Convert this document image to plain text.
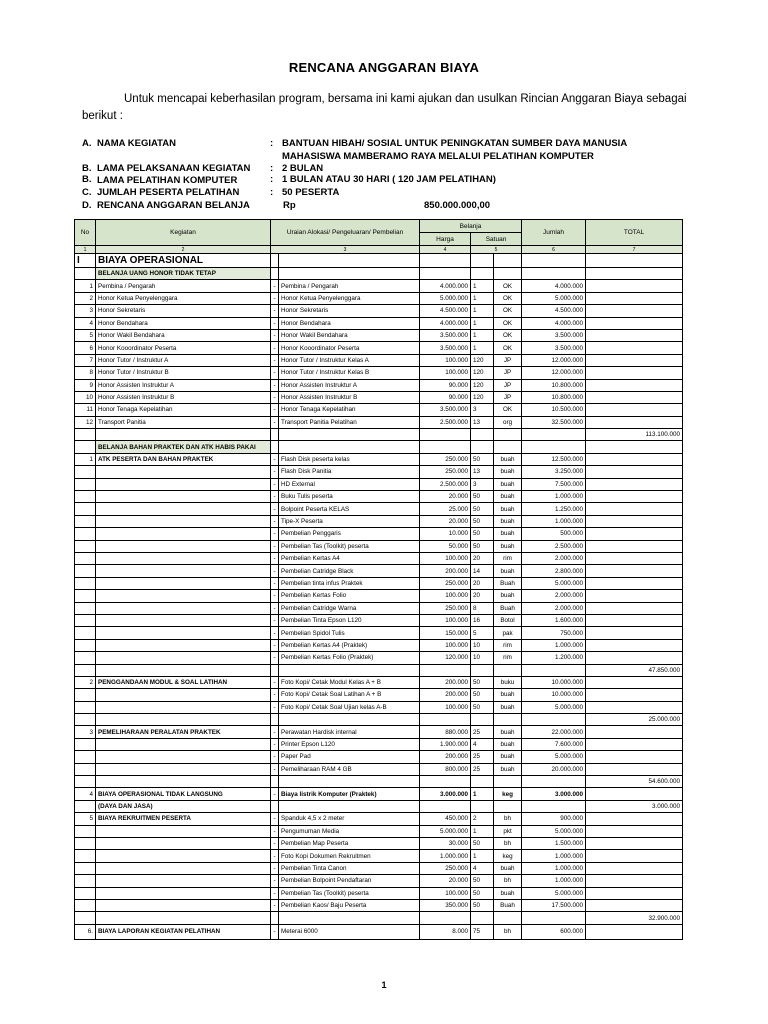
RENCANA ANGGARAN BIAYA
Untuk mencapai keberhasilan program, bersama ini kami ajukan dan usulkan Rincian Anggaran Biaya sebagai
berikut :
A. NAMA KEGIATAN	: BANTUAN HIBAH/ SOSIAL UNTUK PENINGKATAN SUMBER DAYA MANUSIA
MAHASISWA MAMBERAMO RAYA MELALUI PELATIHAN KOMPUTER
B. LAMA PELAKSANAAN KEGIATAN : 2 BULAN
B. LAMA PELATIHAN KOMPUTER	: 1 BULAN ATAU 30 HARI ( 120 JAM PELATIHAN)
C. JUMLAH PESERTA PELATIHAN	: 50 PESERTA
D. RENCANA ANGGARAN BELANJA	Rp	850.000.000,00
No	Kegiatan	Uraian Alokasi/ Pengeluaran/ Pembelian		Belanja			Jumlah	TOTAL
				Harga	Satuan			
1	2	3		4	5		6	7
I	BIAYA OPERASIONAL							
	BELANJA UANG HONOR TIDAK TETAP							
1	Pembina / Pengarah	-	Pembina / Pengarah	4.000.000	1	OK	4.000.000	
2	Honor Ketua Penyelenggara	-	Honor Ketua Penyelenggara	5.000.000	1	OK	5.000.000	
3	Honor Sekretaris	-	Honor Sekretaris	4.500.000	1	OK	4.500.000	
4	Honor Bendahara	-	Honor Bendahara	4.000.000	1	OK	4.000.000	
5	Honor Wakil Bendahara	-	Honor Wakil Bendahara	3.500.000	1	OK	3.500.000	
6	Honor Kooordinator Peserta	-	Honor Kooordinator Peserta	3.500.000	1	OK	3.500.000	
7	Honor Tutor / Instruktur A	-	Honor Tutor / Instruktur Kelas A	100.000	120	JP	12.000.000	
8	Honor Tutor / Instruktur B	-	Honor Tutor / Instruktur Kelas B	100.000	120	JP	12.000.000	
9	Honor Assisten Instruktur A	-	Honor Assisten Instruktur A	90.000	120	JP	10.800.000	
10	Honor Assisten Instruktur B	-	Honor Assisten Instruktur B	90.000	120	JP	10.800.000	
11	Honor Tenaga Kepelatihan	-	Honor Tenaga Kepelatihan	3.500.000	3	OK	10.500.000	
12	Transport Panitia	-	Transport Panitia Pelatihan	2.500.000	13	org	32.500.000	
								113.100.000
	BELANJA BAHAN PRAKTEK DAN ATK HABIS PAKAI							
1	ATK PESERTA DAN BAHAN PRAKTEK	-	Flash Disk peserta kelas	250.000	50	buah	12.500.000	
		-	Flash Disk Panitia	250.000	13	buah	3.250.000	
		-	HD External	2.500.000	3	buah	7.500.000	
		-	Buku Tulis peserta	20.000	50	buah	1.000.000	
		-	Bolpoint Peserta KELAS	25.000	50	buah	1.250.000	
		-	Tipe-X Peserta	20.000	50	buah	1.000.000	
		-	Pembelian Penggaris	10.000	50	buah	500.000	
		-	Pembelian Tas (Toolkit) peserta	50.000	50	buah	2.500.000	
		-	Pembelian Kertas A4	100.000	20	rim	2.000.000	
		-	Pembelian Catridge Black	200.000	14	buah	2.800.000	
		-	Pembelian tinta infus Praktek	250.000	20	Buah	5.000.000	
		-	Pembelian Kertas Folio	100.000	20	buah	2.000.000	
		-	Pembelian Catridge Warna	250.000	8	Buah	2.000.000	
		-	Pembelian Tinta Epson L120	100.000	16	Botol	1.600.000	
		-	Pembelian Spidol Tulis	150.000	5	pak	750.000	
		-	Pembelian Kertas A4 (Praktek)	100.000	10	rim	1.000.000	
		-	Pembelian Kertas Folio (Praktek)	120.000	10	rim	1.200.000	
								47.850.000
2	PENGGANDAAN MODUL & SOAL LATIHAN	-	Foto Kopi/ Cetak Modul Kelas A + B	200.000	50	buku	10.000.000	
		-	Foto Kopi/ Cetak Soal Latihan A + B	200.000	50	buah	10.000.000	
		-	Foto Kopi/ Cetak Soal Ujian kelas A-B	100.000	50	buah	5.000.000	
								25.000.000
3	PEMELIHARAAN PERALATAN PRAKTEK	-	Perawatan Hardisk internal	880.000	25	buah	22.000.000	
		-	Printer Epson L120	1.900.000	4	buah	7.600.000	
		-	Paper Pad	200.000	25	buah	5.000.000	
		-	Pemeliharaan RAM 4 GB	800.000	25	buah	20.000.000	
								54.600.000
4	BIAYA OPERASIONAL TIDAK LANGSUNG	-	Biaya listrik Komputer (Praktek)	3.000.000	1	keg	3.000.000	
	(DAYA DAN JASA)							3.000.000
5	BIAYA REKRUITMEN PESERTA	-	Spanduk 4,5 x 2 meter	450.000	2	bh	900.000	
		-	Pengumuman Media	5.000.000	1	pkt	5.000.000	
		-	Pembelian Map Peserta	30.000	50	bh	1.500.000	
		-	Foto Kopi Dokumen Rekruitmen	1.000.000	1	keg	1.000.000	
		-	Pembelian Tinta Canon	250.000	4	buah	1.000.000	
		-	Pembelian Bolpoint Pendaftaran	20.000	50	bh	1.000.000	
		-	Pembelian Tas (Toolkit) peserta	100.000	50	buah	5.000.000	
		-	Pembelian Kaos/ Baju Peserta	350.000	50	Buah	17.500.000	
								32.900.000
6.	BIAYA LAPORAN KEGIATAN PELATIHAN	-	Meterai 6000	8.000	75	bh	600.000	
1
